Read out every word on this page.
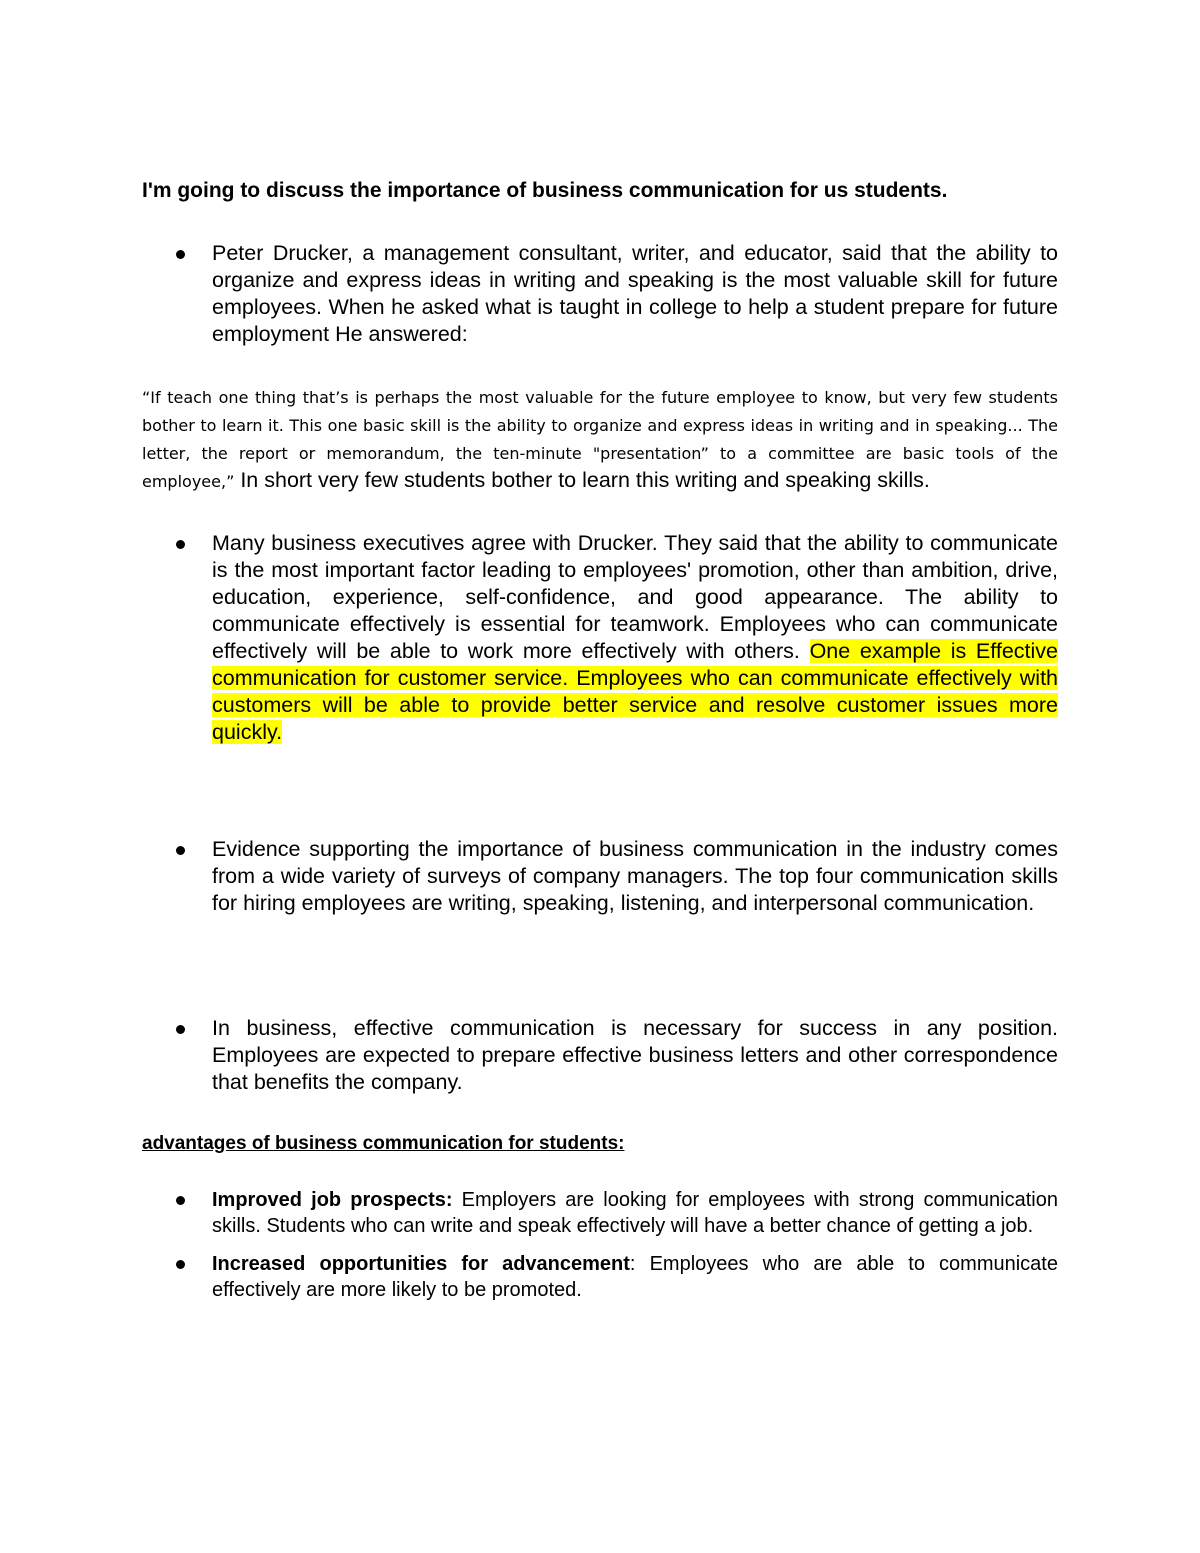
I'm going to discuss the importance of business communication for us students.

Peter Drucker, a management consultant, writer, and educator, said that the ability to organize and express ideas in writing and speaking is the most valuable skill for future employees. When he asked what is taught in college to help a student prepare for future employment He answered:

“If teach one thing that’s is perhaps the most valuable for the future employee to know, but very few students bother to learn it. This one basic skill is the ability to organize and express ideas in writing and in speaking... The letter, the report or memorandum, the ten-minute "presentation” to a committee are basic tools of the employee,” In short very few students bother to learn this writing and speaking skills.

Many business executives agree with Drucker. They said that the ability to communicate is the most important factor leading to employees' promotion, other than ambition, drive, education, experience, self-confidence, and good appearance. The ability to communicate effectively is essential for teamwork. Employees who can communicate effectively will be able to work more effectively with others. One example is Effective communication for customer service. Employees who can communicate effectively with customers will be able to provide better service and resolve customer issues more quickly.
Evidence supporting the importance of business communication in the industry comes from a wide variety of surveys of company managers. The top four communication skills for hiring employees are writing, speaking, listening, and interpersonal communication.
In business, effective communication is necessary for success in any position. Employees are expected to prepare effective business letters and other correspondence that benefits the company.

advantages of business communication for students:

Improved job prospects: Employers are looking for employees with strong communication skills. Students who can write and speak effectively will have a better chance of getting a job.
Increased opportunities for advancement: Employees who are able to communicate effectively are more likely to be promoted.
